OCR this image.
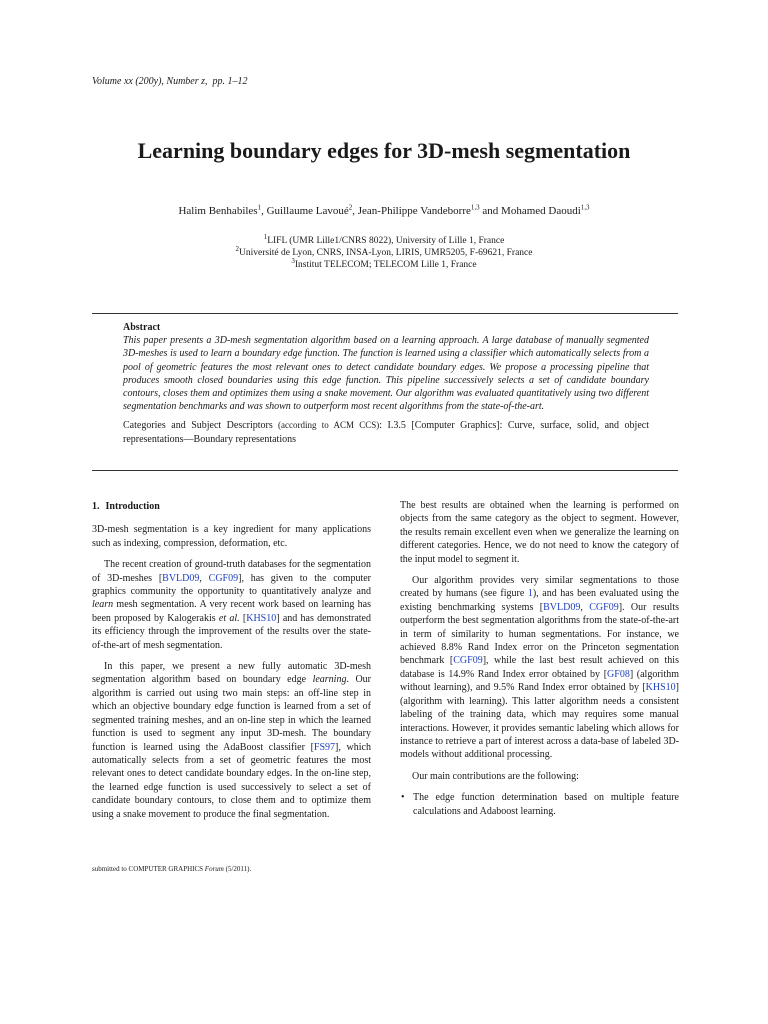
Volume xx (200y), Number z,  pp. 1–12
Learning boundary edges for 3D-mesh segmentation
Halim Benhabiles$^1$, Guillaume Lavoué$^2$, Jean-Philippe Vandeborre$^{1,3}$ and Mohamed Daoudi$^{1,3}$
$^1$LIFL (UMR Lille1/CNRS 8022), University of Lille 1, France
$^2$Université de Lyon, CNRS, INSA-Lyon, LIRIS, UMR5205, F-69621, France
$^3$Institut TELECOM; TELECOM Lille 1, France
Abstract
This paper presents a 3D-mesh segmentation algorithm based on a learning approach. A large database of manually segmented 3D-meshes is used to learn a boundary edge function. The function is learned using a classifier which automatically selects from a pool of geometric features the most relevant ones to detect candidate boundary edges. We propose a processing pipeline that produces smooth closed boundaries using this edge function. This pipeline successively selects a set of candidate boundary contours, closes them and optimizes them using a snake movement. Our algorithm was evaluated quantitatively using two different segmentation benchmarks and was shown to outperform most recent algorithms from the state-of-the-art.
Categories and Subject Descriptors (according to ACM CCS): I.3.5 [Computer Graphics]: Curve, surface, solid, and object representations—Boundary representations
1. Introduction

3D-mesh segmentation is a key ingredient for many applications such as indexing, compression, deformation, etc.

The recent creation of ground-truth databases for the segmentation of 3D-meshes [BVLD09, CGF09], has given to the computer graphics community the opportunity to quantitatively analyze and learn mesh segmentation. A very recent work based on learning has been proposed by Kalogerakis et al. [KHS10] and has demonstrated its efficiency through the improvement of the results over the state-of-the-art of mesh segmentation.

In this paper, we present a new fully automatic 3D-mesh segmentation algorithm based on boundary edge learning. Our algorithm is carried out using two main steps: an off-line step in which an objective boundary edge function is learned from a set of segmented training meshes, and an on-line step in which the learned function is used to segment any input 3D-mesh. The boundary function is learned using the AdaBoost classifier [FS97], which automatically selects from a set of geometric features the most relevant ones to detect candidate boundary edges. In the on-line step, the learned edge function is used successively to select a set of candidate boundary contours, to close them and to optimize them using a snake movement to produce the final segmentation.

The best results are obtained when the learning is performed on objects from the same category as the object to segment. However, the results remain excellent even when we generalize the learning on different categories. Hence, we do not need to know the category of the input model to segment it.

Our algorithm provides very similar segmentations to those created by humans (see figure 1), and has been evaluated using the existing benchmarking systems [BVLD09, CGF09]. Our results outperform the best segmentation algorithms from the state-of-the-art in term of similarity to human segmentations. For instance, we achieved 8.8% Rand Index error on the Princeton segmentation benchmark [CGF09], while the last best result achieved on this database is 14.9% Rand Index error obtained by [GF08] (algorithm without learning), and 9.5% Rand Index error obtained by [KHS10] (algorithm with learning). This latter algorithm needs a consistent labeling of the training data, which may requires some manual interactions. However, it provides semantic labeling which allows for instance to retrieve a part of interest across a data-base of labeled 3D-models without additional processing.

Our main contributions are the following:

• The edge function determination based on multiple feature calculations and Adaboost learning.
submitted to COMPUTER GRAPHICS Forum (5/2011).
